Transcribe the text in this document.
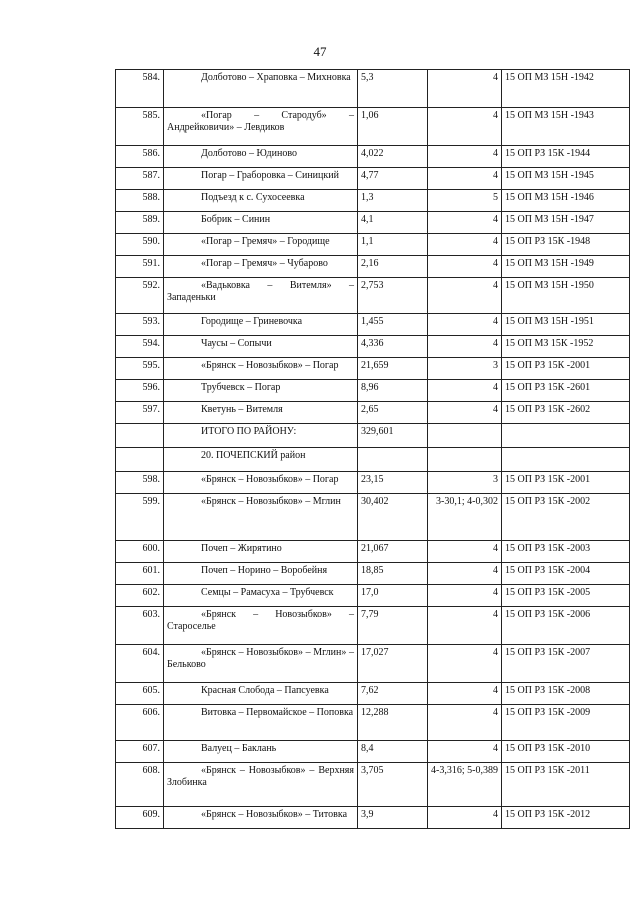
47
584.	Долботово – Храповка – Михновка	5,3	4	15 ОП МЗ 15Н -1942
585.	«Погар – Стародуб» – Андрейковичи» – Левдиков	1,06	4	15 ОП МЗ 15Н -1943
586.	Долботово – Юдиново	4,022	4	15 ОП РЗ 15К -1944
587.	Погар – Граборовка – Синицкий	4,77	4	15 ОП МЗ 15Н -1945
588.	Подъезд к с. Сухосеевка	1,3	5	15 ОП МЗ 15Н -1946
589.	Бобрик – Синин	4,1	4	15 ОП МЗ 15Н -1947
590.	«Погар – Гремяч» – Городище	1,1	4	15 ОП РЗ 15К -1948
591.	«Погар – Гремяч» – Чубарово	2,16	4	15 ОП МЗ 15Н -1949
592.	«Вадьковка – Витемля» – Западеньки	2,753	4	15 ОП МЗ 15Н -1950
593.	Городище – Гриневочка	1,455	4	15 ОП МЗ 15Н -1951
594.	Чаусы – Сопычи	4,336	4	15 ОП МЗ 15К -1952
595.	«Брянск – Новозыбков» – Погар	21,659	3	15 ОП РЗ 15К -2001
596.	Трубчевск – Погар	8,96	4	15 ОП РЗ 15К -2601
597.	Кветунь – Витемля	2,65	4	15 ОП РЗ 15К -2602

	ИТОГО ПО РАЙОНУ:	329,601		

	20. ПОЧЕПСКИЙ район			

598.	«Брянск – Новозыбков» – Погар	23,15	3	15 ОП РЗ 15К -2001
599.	«Брянск – Новозыбков» – Мглин	30,402	3-30,1; 4-0,302	15 ОП РЗ 15К -2002
600.	Почеп – Жирятино	21,067	4	15 ОП РЗ 15К -2003
601.	Почеп – Норино – Воробейня	18,85	4	15 ОП РЗ 15К -2004
602.	Семцы – Рамасуха – Трубчевск	17,0	4	15 ОП РЗ 15К -2005
603.	«Брянск – Новозыбков» – Староселье	7,79	4	15 ОП РЗ 15К -2006
604.	«Брянск – Новозыбков» – Мглин» – Бельково	17,027	4	15 ОП РЗ 15К -2007
605.	Красная Слобода – Папсуевка	7,62	4	15 ОП РЗ 15К -2008
606.	Витовка – Первомайское – Поповка	12,288	4	15 ОП РЗ 15К -2009
607.	Валуец – Баклань	8,4	4	15 ОП РЗ 15К -2010
608.	«Брянск – Новозыбков» – Верхняя Злобинка	3,705	4-3,316; 5-0,389	15 ОП РЗ 15К -2011
609.	«Брянск – Новозыбков» – Титовка	3,9	4	15 ОП РЗ 15К -2012
